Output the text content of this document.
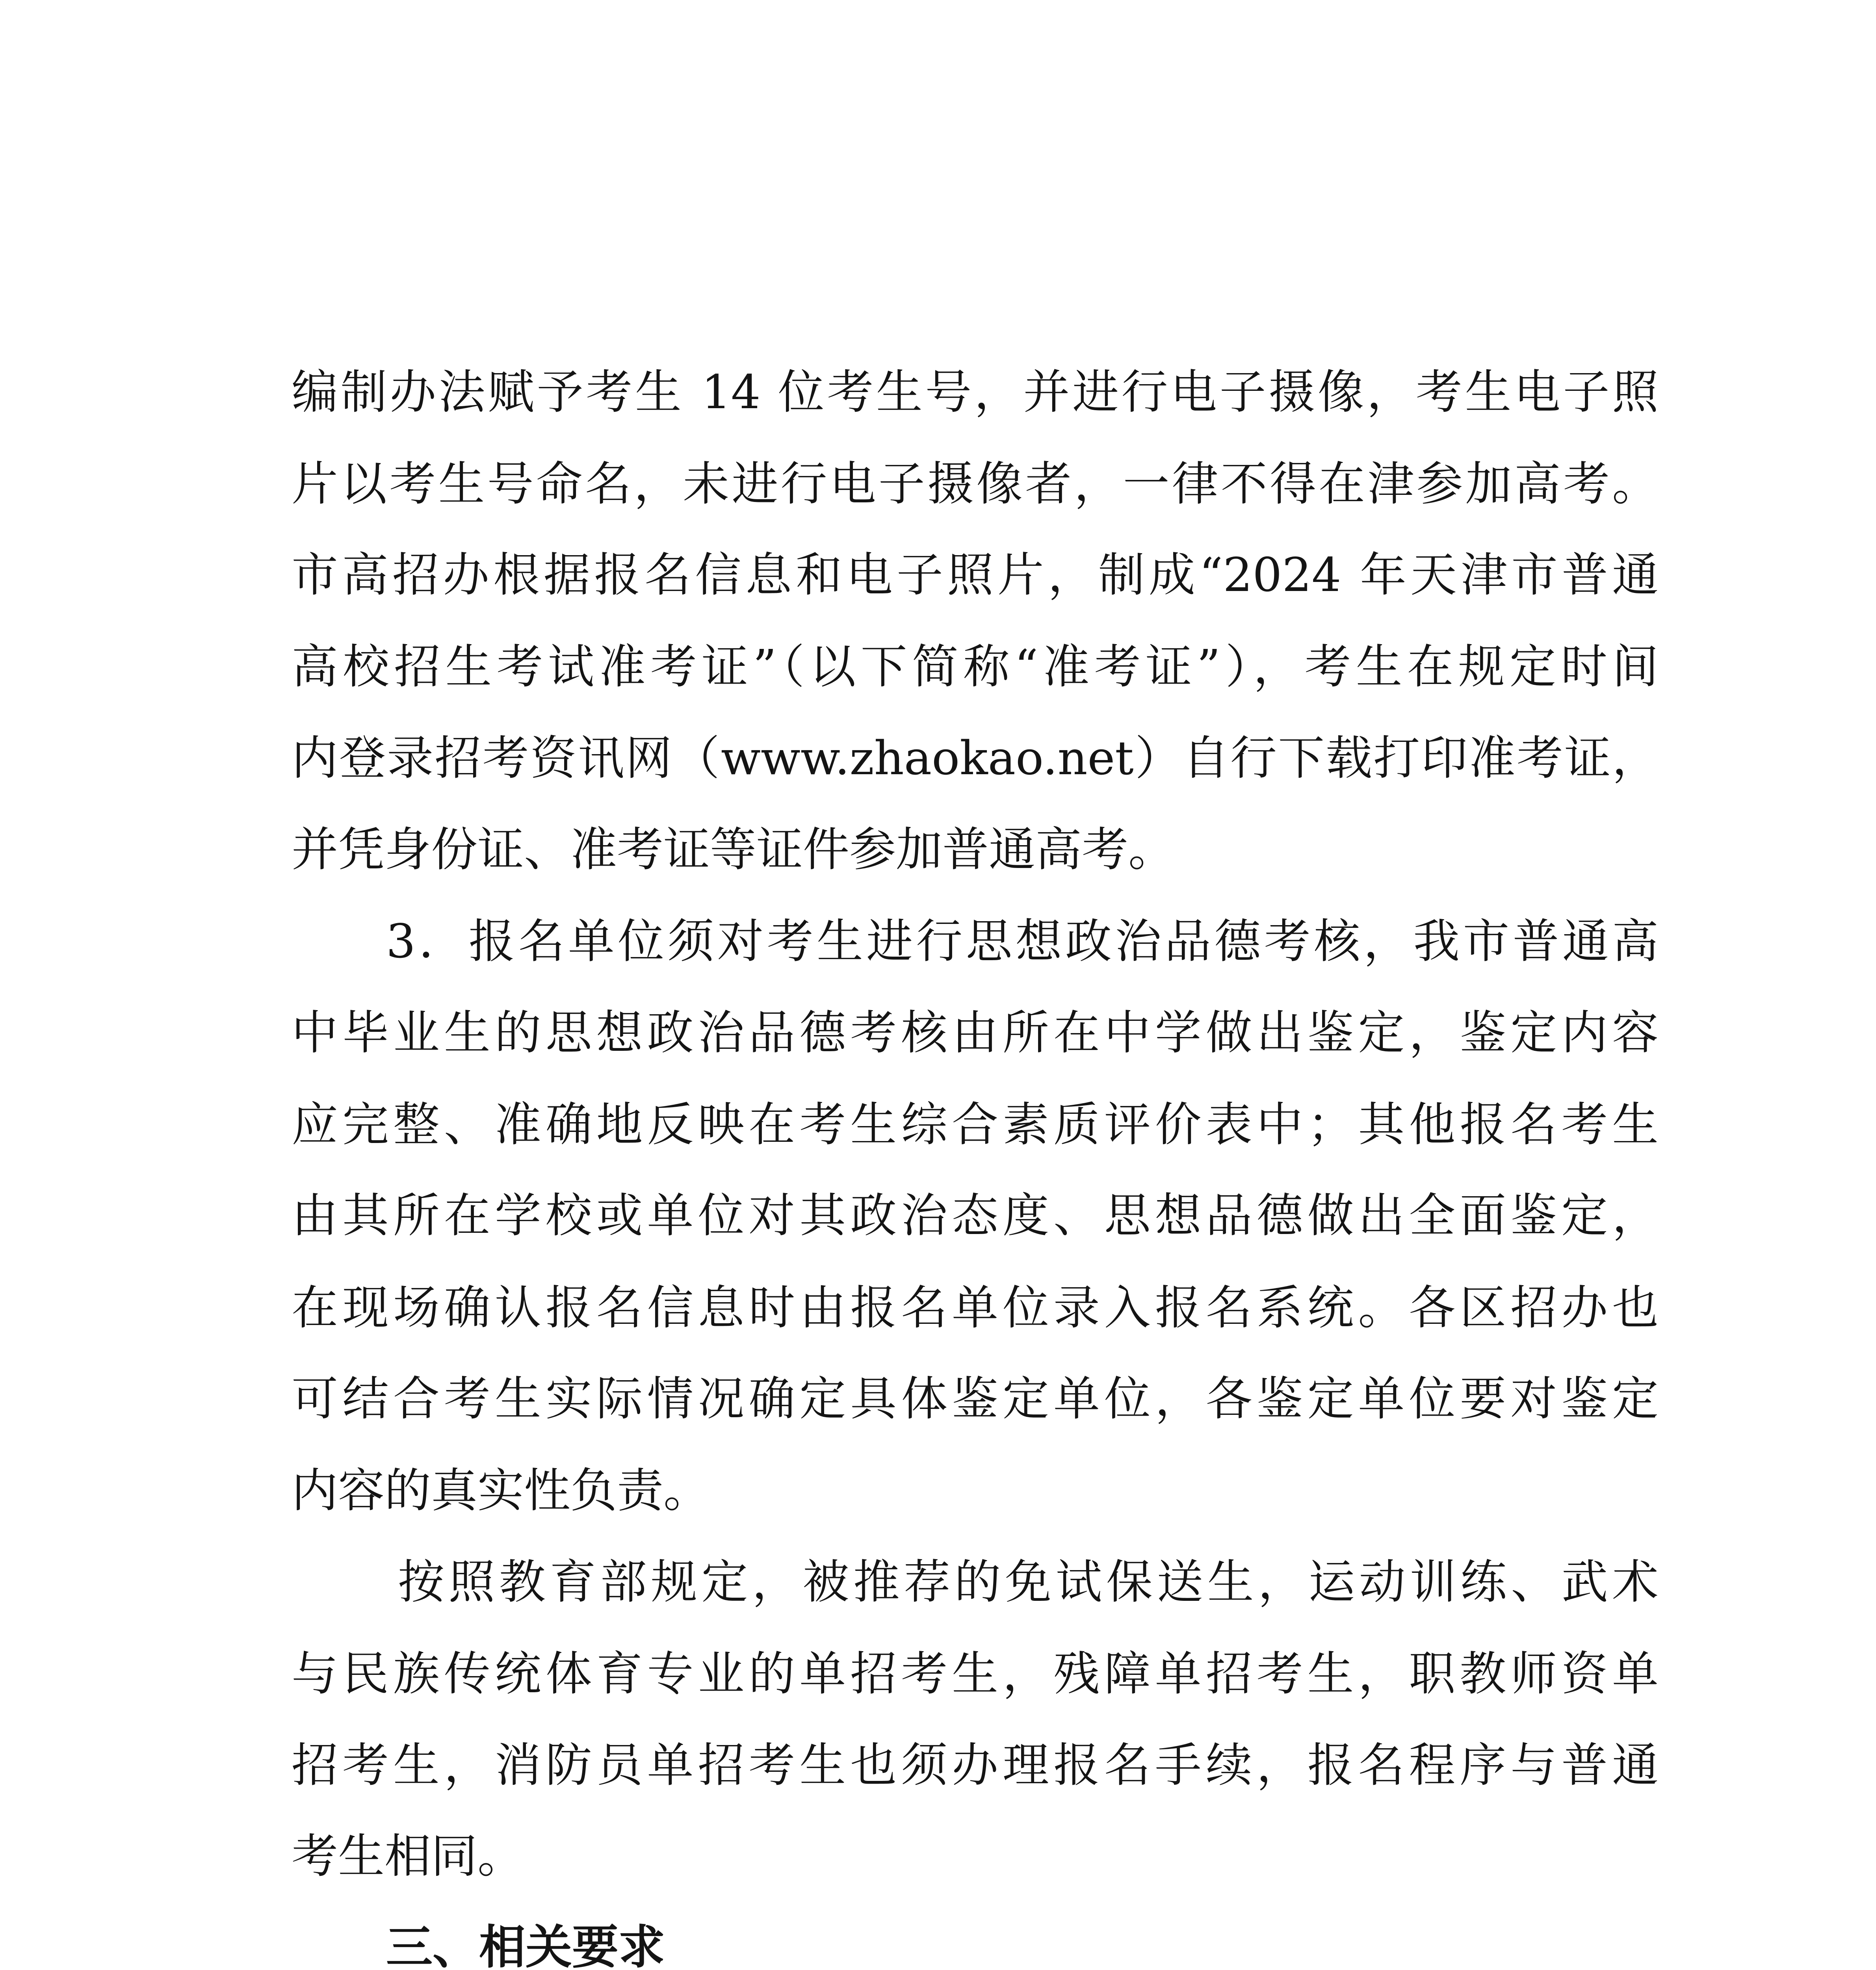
编制办法赋予考生 14 位考生号，并进行电子摄像，考生电子照
片以考生号命名，未进行电子摄像者，一律不得在津参加高考。
市高招办根据报名信息和电子照片，制成“2024 年天津市普通
高校招生考试准考证”（以下简称“准考证”），考生在规定时间
内登录招考资讯网（www.zhaokao.net）自行下载打印准考证，
并凭身份证、准考证等证件参加普通高考。
3．报名单位须对考生进行思想政治品德考核，我市普通高
中毕业生的思想政治品德考核由所在中学做出鉴定，鉴定内容
应完整、准确地反映在考生综合素质评价表中；其他报名考生
由其所在学校或单位对其政治态度、思想品德做出全面鉴定，
在现场确认报名信息时由报名单位录入报名系统。各区招办也
可结合考生实际情况确定具体鉴定单位，各鉴定单位要对鉴定
内容的真实性负责。
按照教育部规定，被推荐的免试保送生，运动训练、武术
与民族传统体育专业的单招考生，残障单招考生，职教师资单
招考生，消防员单招考生也须办理报名手续，报名程序与普通
考生相同。
三、相关要求
